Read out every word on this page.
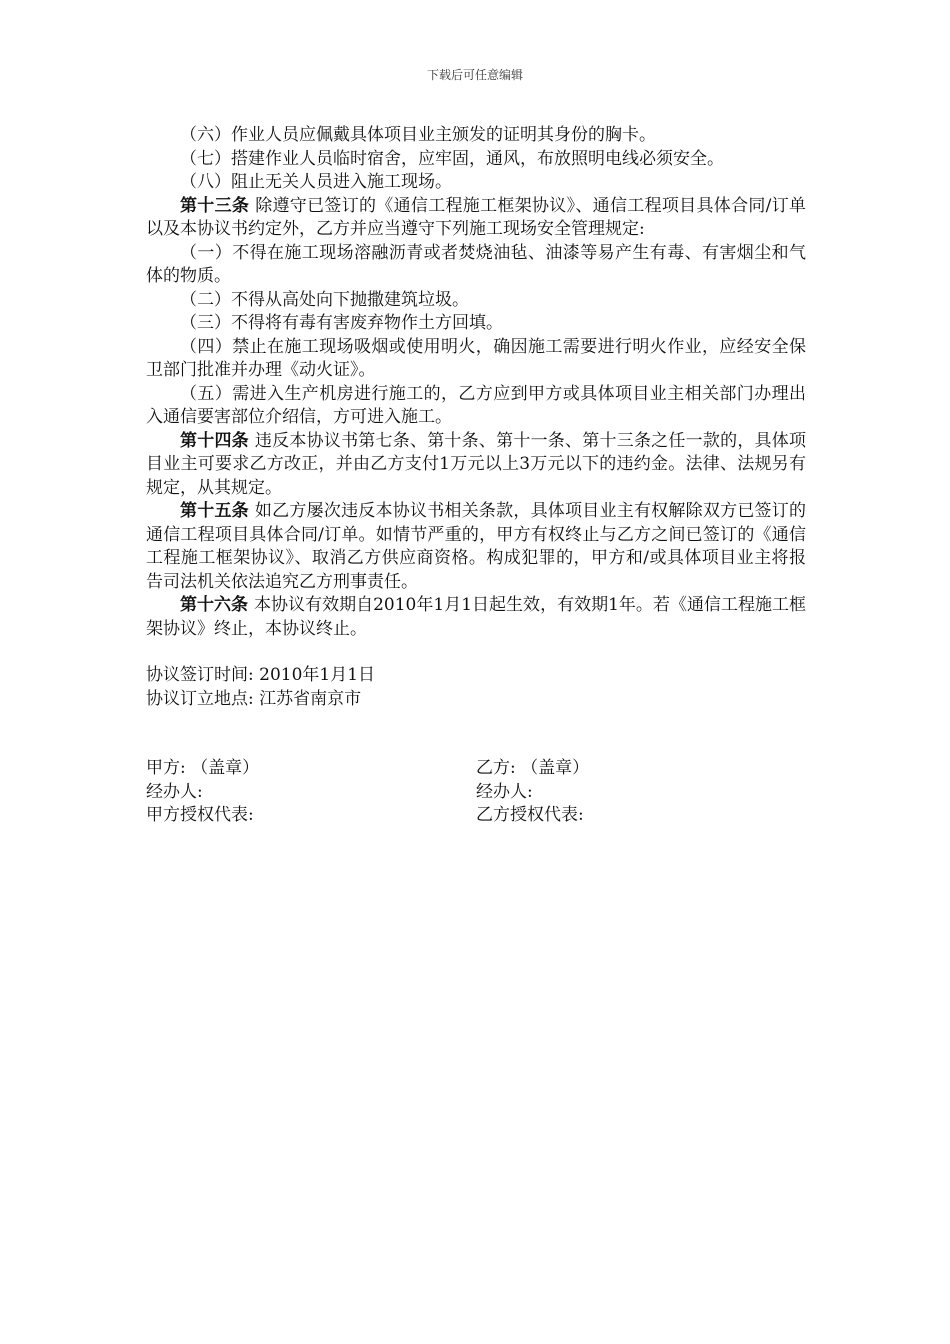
下载后可任意编辑

（六）作业人员应佩戴具体项目业主颁发的证明其身份的胸卡。

（七）搭建作业人员临时宿舍，应牢固，通风，布放照明电线必须安全。

（八）阻止无关人员进入施工现场。

第十三条 除遵守已签订的《通信工程施工框架协议》、通信工程项目具体合同/订单以及本协议书约定外，乙方并应当遵守下列施工现场安全管理规定:

（一）不得在施工现场溶融沥青或者焚烧油毡、油漆等易产生有毒、有害烟尘和气体的物质。

（二）不得从高处向下抛撒建筑垃圾。

（三）不得将有毒有害废弃物作土方回填。

（四）禁止在施工现场吸烟或使用明火，确因施工需要进行明火作业，应经安全保卫部门批准并办理《动火证》。

（五）需进入生产机房进行施工的，乙方应到甲方或具体项目业主相关部门办理出入通信要害部位介绍信，方可进入施工。

第十四条 违反本协议书第七条、第十条、第十一条、第十三条之任一款的，具体项目业主可要求乙方改正，并由乙方支付1万元以上3万元以下的违约金。法律、法规另有规定，从其规定。

第十五条 如乙方屡次违反本协议书相关条款，具体项目业主有权解除双方已签订的通信工程项目具体合同/订单。如情节严重的，甲方有权终止与乙方之间已签订的《通信工程施工框架协议》、取消乙方供应商资格。构成犯罪的，甲方和/或具体项目业主将报告司法机关依法追究乙方刑事责任。

第十六条 本协议有效期自2010年1月1日起生效，有效期1年。若《通信工程施工框架协议》终止，本协议终止。

协议签订时间: 2010年1月1日

协议订立地点: 江苏省南京市

甲方: （盖章）

经办人:

甲方授权代表:

乙方: （盖章）

经办人:

乙方授权代表:
